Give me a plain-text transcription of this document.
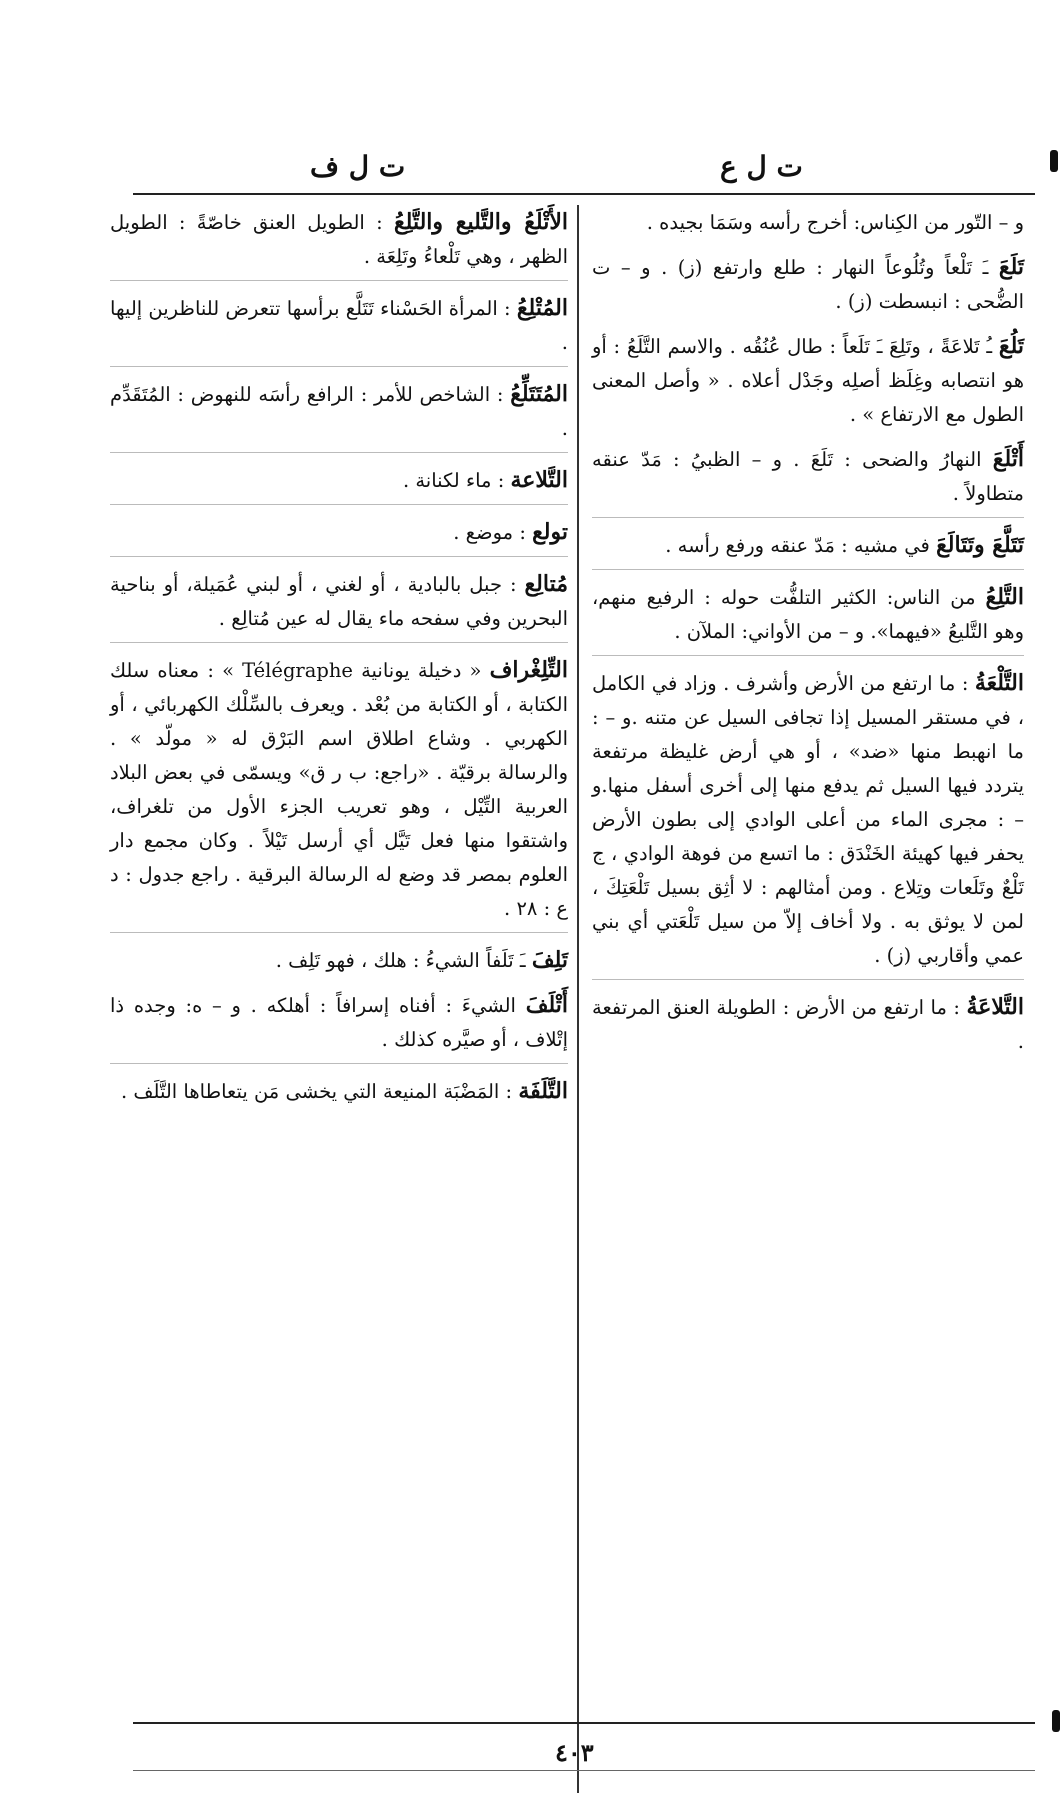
ت ل ع
ت ل ف

و – التّور من الكِناس: أخرج رأسه وسَمَا بجيده .

تَلَعَ ـَ تَلْعاً وتُلُوعاً النهار : طلع وارتفع (ز) . و – ت الضُّحى : انبسطت (ز) .

تَلُعَ ـُ تَلاعَةً ، وتَلِعَ ـَ تَلَعاً : طال عُنُقُه . والاسم التَّلَعُ : أو هو انتصابه وغِلَظ أصلِه وجَدْل أعلاه . « وأصل المعنى الطول مع الارتفاع » .

أَتْلَعَ النهارُ والضحى : تَلَعَ . و – الظبيُ : مَدّ عنقه متطاولاً .

تَتَلَّعَ وتَتَالَعَ في مشيه : مَدّ عنقه ورفع رأسه .

التَّلِعُ من الناس: الكثير التلفُّت حوله : الرفيع منهم، وهو التَّليعُ «فيهما». و – من الأواني: الملآن .

التَّلْعَةُ : ما ارتفع من الأرض وأشرف . وزاد في الكامل ، في مستقر المسيل إذا تجافى السيل عن متنه .و – : ما انهبط منها «ضد» ، أو هي أرض غليظة مرتفعة يتردد فيها السيل ثم يدفع منها إلى أخرى أسفل منها.و – : مجرى الماء من أعلى الوادي إلى بطون الأرض يحفر فيها كهيئة الخَنْدَق : ما اتسع من فوهة الوادي ، ج تَلْعٌ وتَلَعات وتِلاع . ومن أمثالهم : لا أثِق بسيل تَلْعَتِكَ ، لمن لا يوثق به . ولا أخاف إلاّ من سيل تَلْعَتي أي بني عمي وأقاربي (ز) .

التَّلاعَةُ : ما ارتفع من الأرض : الطويلة العنق المرتفعة .

الأَتْلَعُ والتَّليع والتَّلِعُ : الطويل العنق خاصّةً : الطويل الظهر ، وهي تَلْعاءُ وتَلِعَة .

المُتْلِعُ : المرأة الحَسْناء تَتَلَّع برأسها تتعرض للناظرين إليها .

المُتَتَلِّعُ : الشاخص للأمر : الرافع رأسَه للنهوض : المُتَقَدِّم .

التَّلاعة : ماء لكنانة .

تولع : موضع .

مُتالِع : جبل بالبادية ، أو لغني ، أو لبني عُمَيلة، أو بناحية البحرين وفي سفحه ماء يقال له عين مُتالِع .

التِّلِغْراف « دخيلة يونانية Télégraphe » : معناه سلك الكتابة ، أو الكتابة من بُعْد . ويعرف بالسِّلْك الكهربائي ، أو الكهربي . وشاع اطلاق اسم البَرْق له « مولّد » . والرسالة برقيّة . «راجع: ب ر ق» ويسمّى في بعض البلاد العربية التِّيْل ، وهو تعريب الجزء الأول من تلغراف، واشتقوا منها فعل تَيَّل أي أرسل تَيْلاً . وكان مجمع دار العلوم بمصر قد وضع له الرسالة البرقية . راجع جدول : د ع : ٢٨ .

تَلِفَ ـَ تَلَفاً الشيءُ : هلك ، فهو تَلِف .

أَتْلَفَ الشيءَ : أفناه إسرافاً : أهلكه . و – ه: وجده ذا إتْلاف ، أو صيَّره كذلك .

التَّلَفَة : المَضْبَة المنيعة التي يخشى مَن يتعاطاها التَّلَف .

٤٠٣
